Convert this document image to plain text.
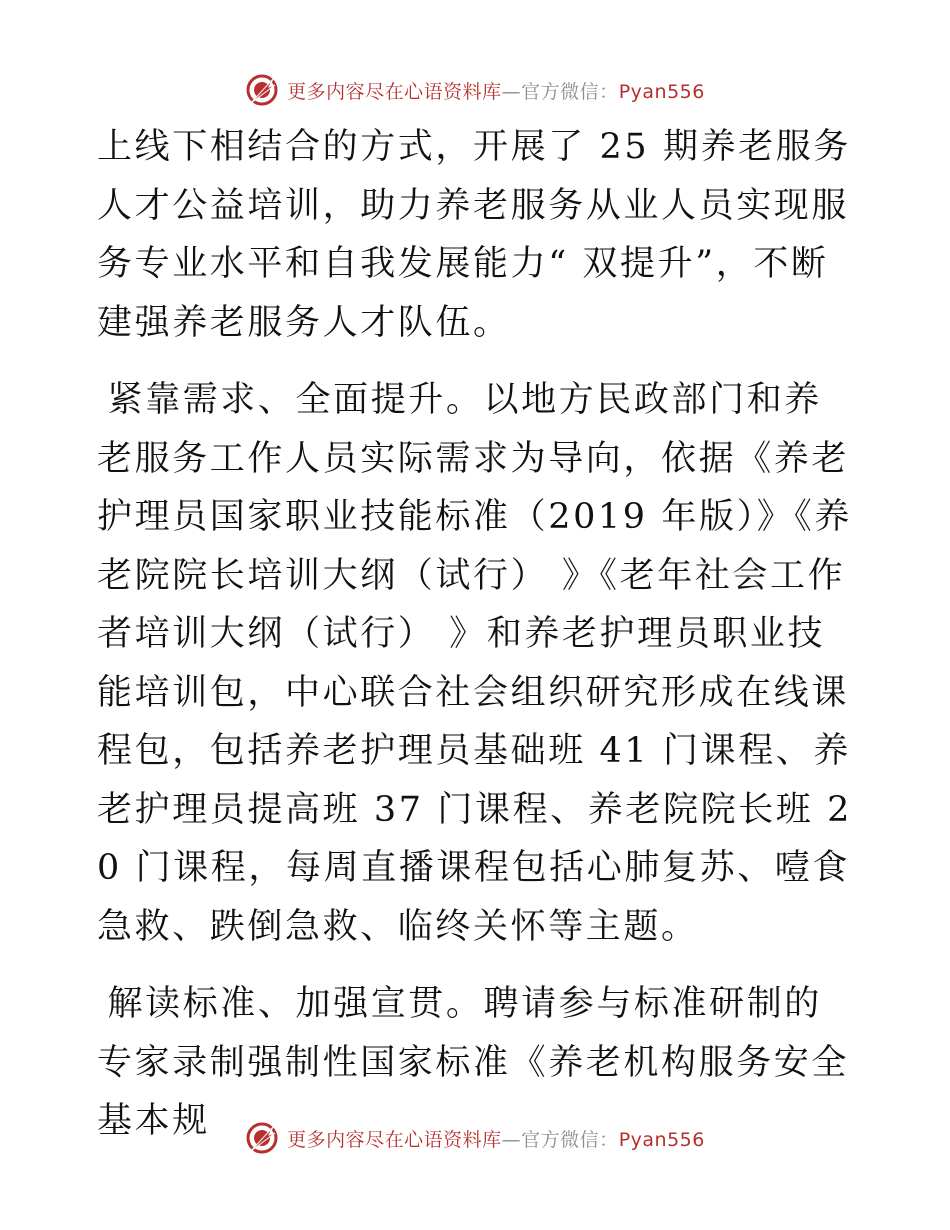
更多内容尽在心语资料库—官方微信：Pyan556

上线下相结合的方式，开展了 25 期养老服务人才公益培训，助力养老服务从业人员实现服务专业水平和自我发展能力“ 双提升”，不断建强养老服务人才队伍。

紧靠需求、全面提升。以地方民政部门和养老服务工作人员实际需求为导向，依据《养老护理员国家职业技能标准（2019 年版）》《养老院院长培训大纲（试行） 》《老年社会工作者培训大纲（试行） 》和养老护理员职业技能培训包，中心联合社会组织研究形成在线课程包，包括养老护理员基础班 41 门课程、养老护理员提高班 37 门课程、养老院院长班 20 门课程，每周直播课程包括心肺复苏、噎食急救、跌倒急救、临终关怀等主题。

解读标准、加强宣贯。聘请参与标准研制的专家录制强制性国家标准《养老机构服务安全基本规	更多内容尽在心语资料库—官方微信：Pyan556
